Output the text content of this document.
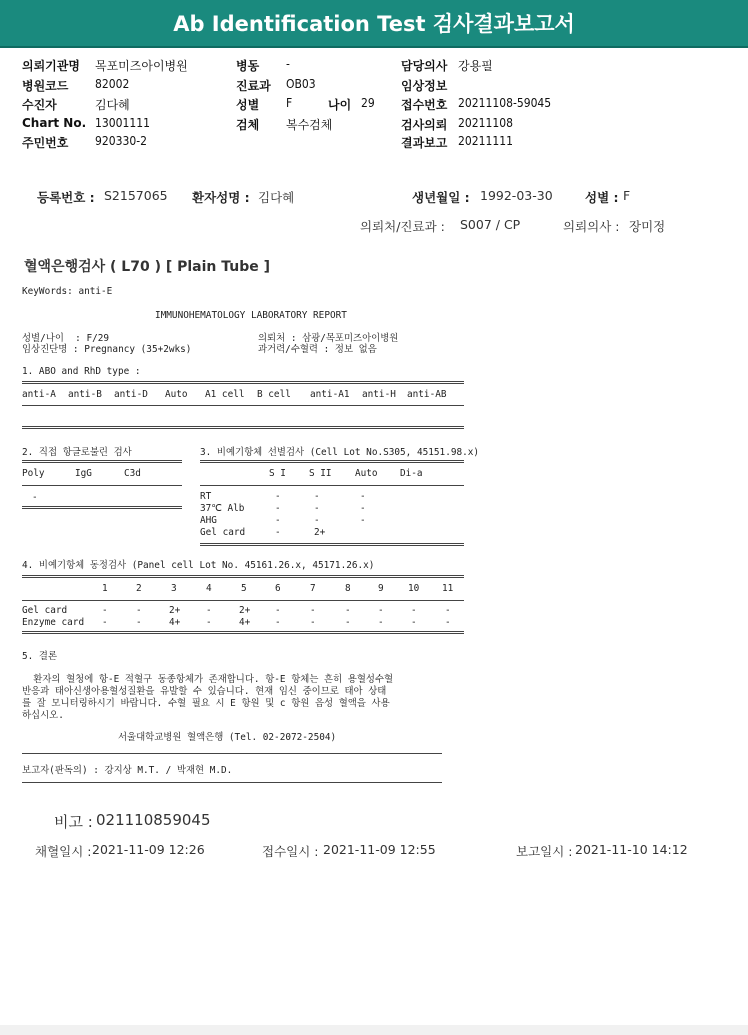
Ab Identification Test 검사결과보고서
의뢰기관명 목포미즈아이병원
병원코드 82002
수진자	김다혜
Chart No. 13001111
주민번호 920330-2
병동 -
진료과 OB03
성별 F	나이 29
검체 복수검체
담당의사 강용필
임상정보
접수번호 20211108-59045
검사의뢰 20211108
결과보고 20211111
등록번호 : S2157065 환자성명 : 김다혜	생년월일 : 1992-03-30	성별 : F
의뢰처/진료과 : S007 / CP	의뢰의사 : 장미정
혈액은행검사 ( L70 ) [ Plain Tube ]
KeyWords: anti-E
IMMUNOHEMATOLOGY LABORATORY REPORT
성별/나이  : F/29
임상진단명 : Pregnancy (35+2wks)
의뢰처 : 삼광/목포미즈아이병원
과거력/수혈력 : 정보 없음
1. ABO and RhD type :
anti-A anti-B anti-D Auto A1 cell B cell anti-A1 anti-H anti-AB
2. 직접 항글로불린 검사
Poly	IgG	C3d
-
3. 비예기항체 선별검사 (Cell Lot No.S305, 45151.98.x)
S I S II Auto Di-a
RT	-	-	-
37℃ Alb	-	-	-
AHG	-	-	-
Gel card	-	2+
4. 비예기항체 동정검사 (Panel cell Lot No. 45161.26.x, 45171.26.x)
1	2	3	4	5	6	7	8	9	10 11
Gel card	-	-	2+	-	2+	-	-	-	-	-	-
Enzyme card -	-	4+	-	4+	-	-	-	-	-	-
5. 결론
환자의 혈청에 항-E 적혈구 동종항체가 존재합니다. 항-E 항체는 흔히 용혈성수혈
반응과 태아신생아용혈성질환을 유발할 수 있습니다. 현재 임신 중이므로 태아 상태
를 잘 모니터링하시기 바랍니다. 수혈 필요 시 E 항원 및 c 항원 음성 혈액을 사용
하십시오.
서울대학교병원 혈액은행 (Tel. 02-2072-2504)
보고자(판독의) : 강지상 M.T. / 박재현 M.D.
비고 : 021110859045
채혈일시 : 2021-11-09 12:26	접수일시 : 2021-11-09 12:55	보고일시 : 2021-11-10 14:12
